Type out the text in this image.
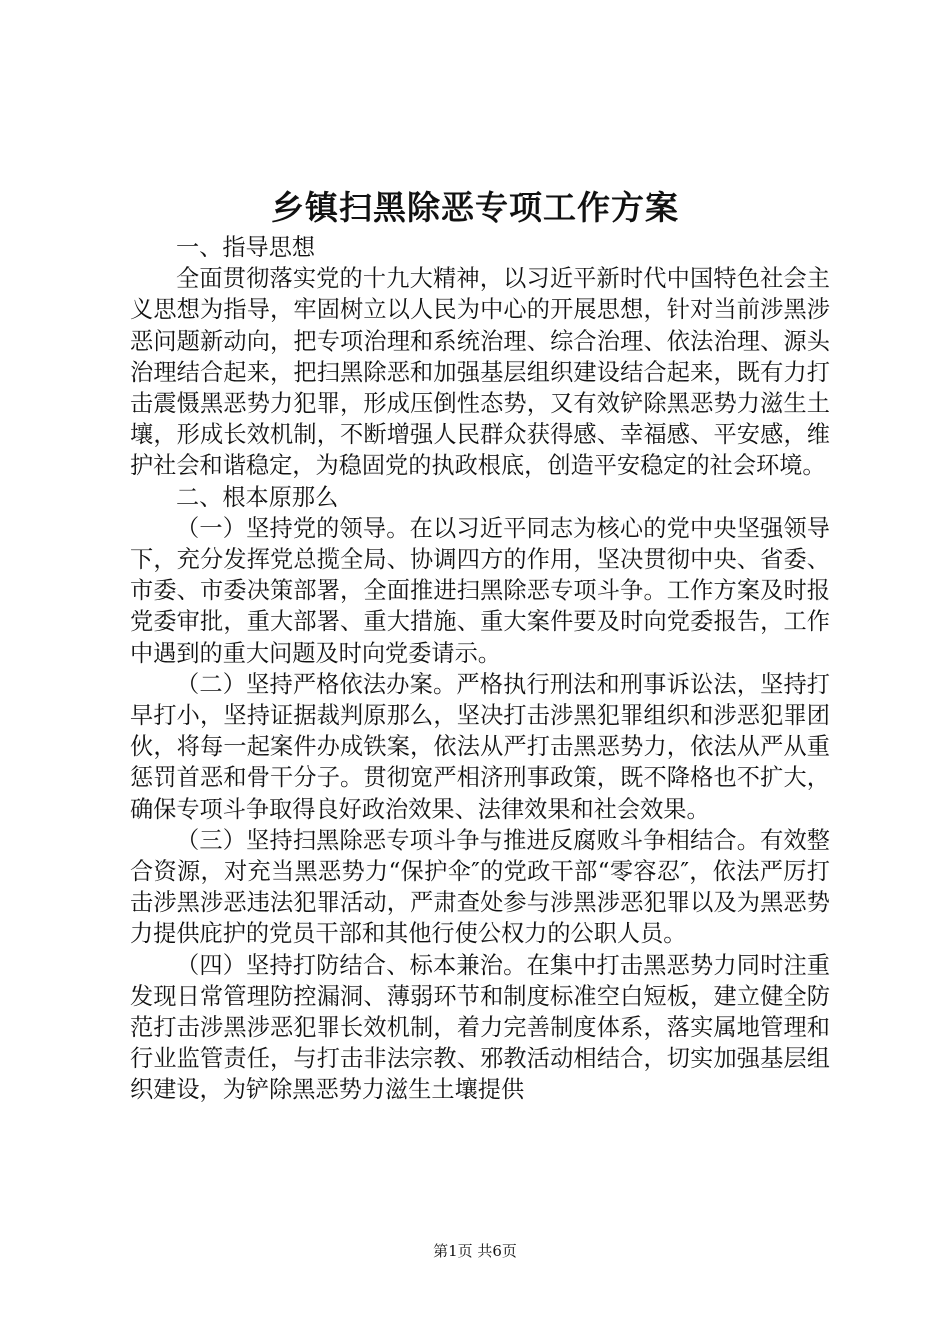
乡镇扫黑除恶专项工作方案

一、指导思想

全面贯彻落实党的十九大精神，以习近平新时代中国特色社会主义思想为指导，牢固树立以人民为中心的开展思想，针对当前涉黑涉恶问题新动向，把专项治理和系统治理、综合治理、依法治理、源头治理结合起来，把扫黑除恶和加强基层组织建设结合起来，既有力打击震慑黑恶势力犯罪，形成压倒性态势，又有效铲除黑恶势力滋生土壤，形成长效机制，不断增强人民群众获得感、幸福感、平安感，维护社会和谐稳定，为稳固党的执政根底，创造平安稳定的社会环境。

二、根本原那么

（一）坚持党的领导。在以习近平同志为核心的党中央坚强领导下，充分发挥党总揽全局、协调四方的作用，坚决贯彻中央、省委、市委、市委决策部署，全面推进扫黑除恶专项斗争。工作方案及时报党委审批，重大部署、重大措施、重大案件要及时向党委报告，工作中遇到的重大问题及时向党委请示。

（二）坚持严格依法办案。严格执行刑法和刑事诉讼法，坚持打早打小，坚持证据裁判原那么，坚决打击涉黑犯罪组织和涉恶犯罪团伙，将每一起案件办成铁案，依法从严打击黑恶势力，依法从严从重惩罚首恶和骨干分子。贯彻宽严相济刑事政策，既不降格也不扩大，确保专项斗争取得良好政治效果、法律效果和社会效果。

（三）坚持扫黑除恶专项斗争与推进反腐败斗争相结合。有效整合资源，对充当黑恶势力“保护伞″的党政干部“零容忍″，依法严厉打击涉黑涉恶违法犯罪活动，严肃查处参与涉黑涉恶犯罪以及为黑恶势力提供庇护的党员干部和其他行使公权力的公职人员。

（四）坚持打防结合、标本兼治。在集中打击黑恶势力同时注重发现日常管理防控漏洞、薄弱环节和制度标准空白短板，建立健全防范打击涉黑涉恶犯罪长效机制，着力完善制度体系，落实属地管理和行业监管责任，与打击非法宗教、邪教活动相结合，切实加强基层组织建设，为铲除黑恶势力滋生土壤提供

第1页 共6页
